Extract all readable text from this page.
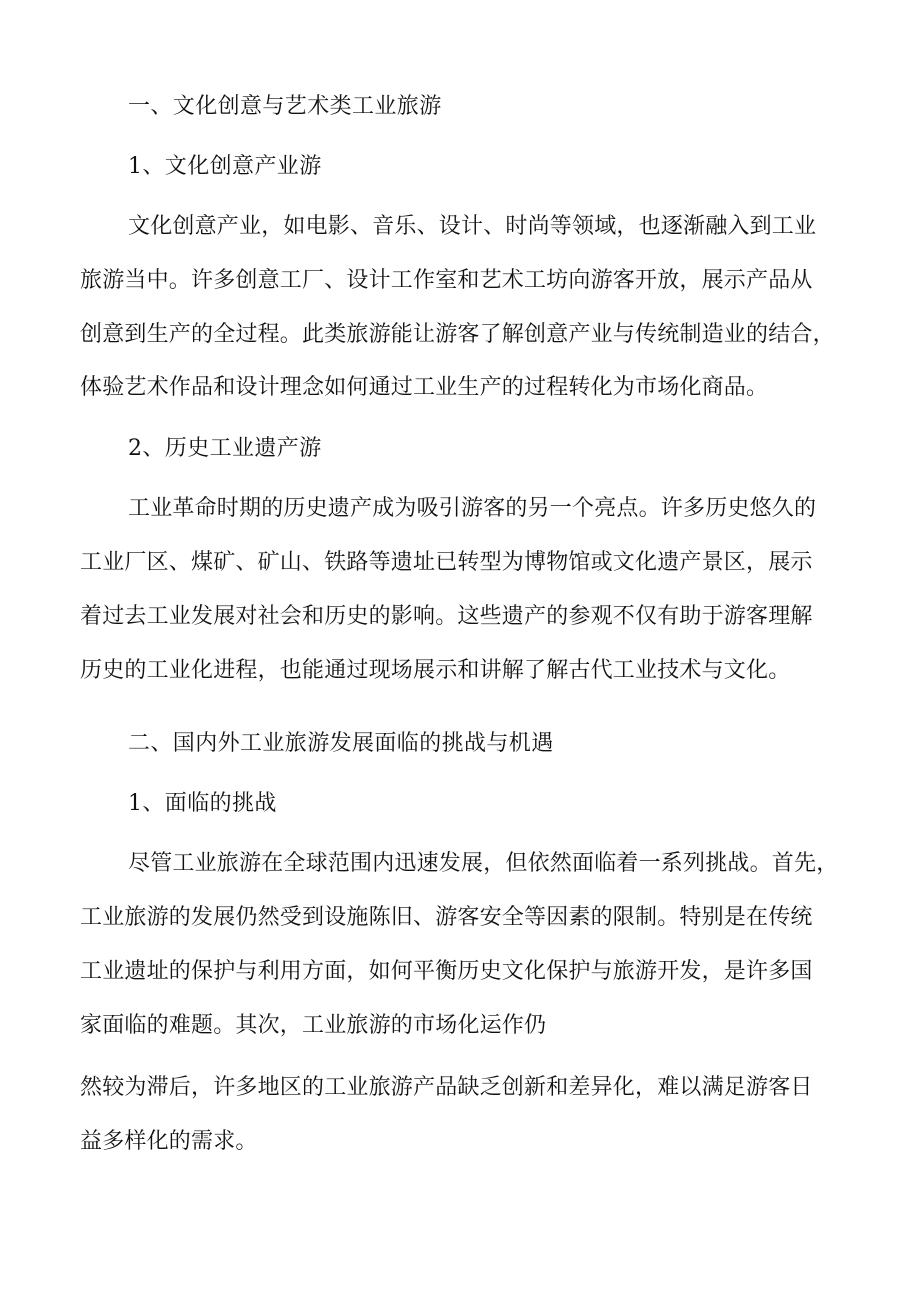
一、文化创意与艺术类工业旅游

1、文化创意产业游

文化创意产业，如电影、音乐、设计、时尚等领域，也逐渐融入到工业

旅游当中。许多创意工厂、设计工作室和艺术工坊向游客开放，展示产品从

创意到生产的全过程。此类旅游能让游客了解创意产业与传统制造业的结合，

体验艺术作品和设计理念如何通过工业生产的过程转化为市场化商品。

2、历史工业遗产游

工业革命时期的历史遗产成为吸引游客的另一个亮点。许多历史悠久的

工业厂区、煤矿、矿山、铁路等遗址已转型为博物馆或文化遗产景区，展示

着过去工业发展对社会和历史的影响。这些遗产的参观不仅有助于游客理解

历史的工业化进程，也能通过现场展示和讲解了解古代工业技术与文化。

二、国内外工业旅游发展面临的挑战与机遇

1、面临的挑战

尽管工业旅游在全球范围内迅速发展，但依然面临着一系列挑战。首先，

工业旅游的发展仍然受到设施陈旧、游客安全等因素的限制。特别是在传统

工业遗址的保护与利用方面，如何平衡历史文化保护与旅游开发，是许多国

家面临的难题。其次，工业旅游的市场化运作仍

然较为滞后，许多地区的工业旅游产品缺乏创新和差异化，难以满足游客日

益多样化的需求。
